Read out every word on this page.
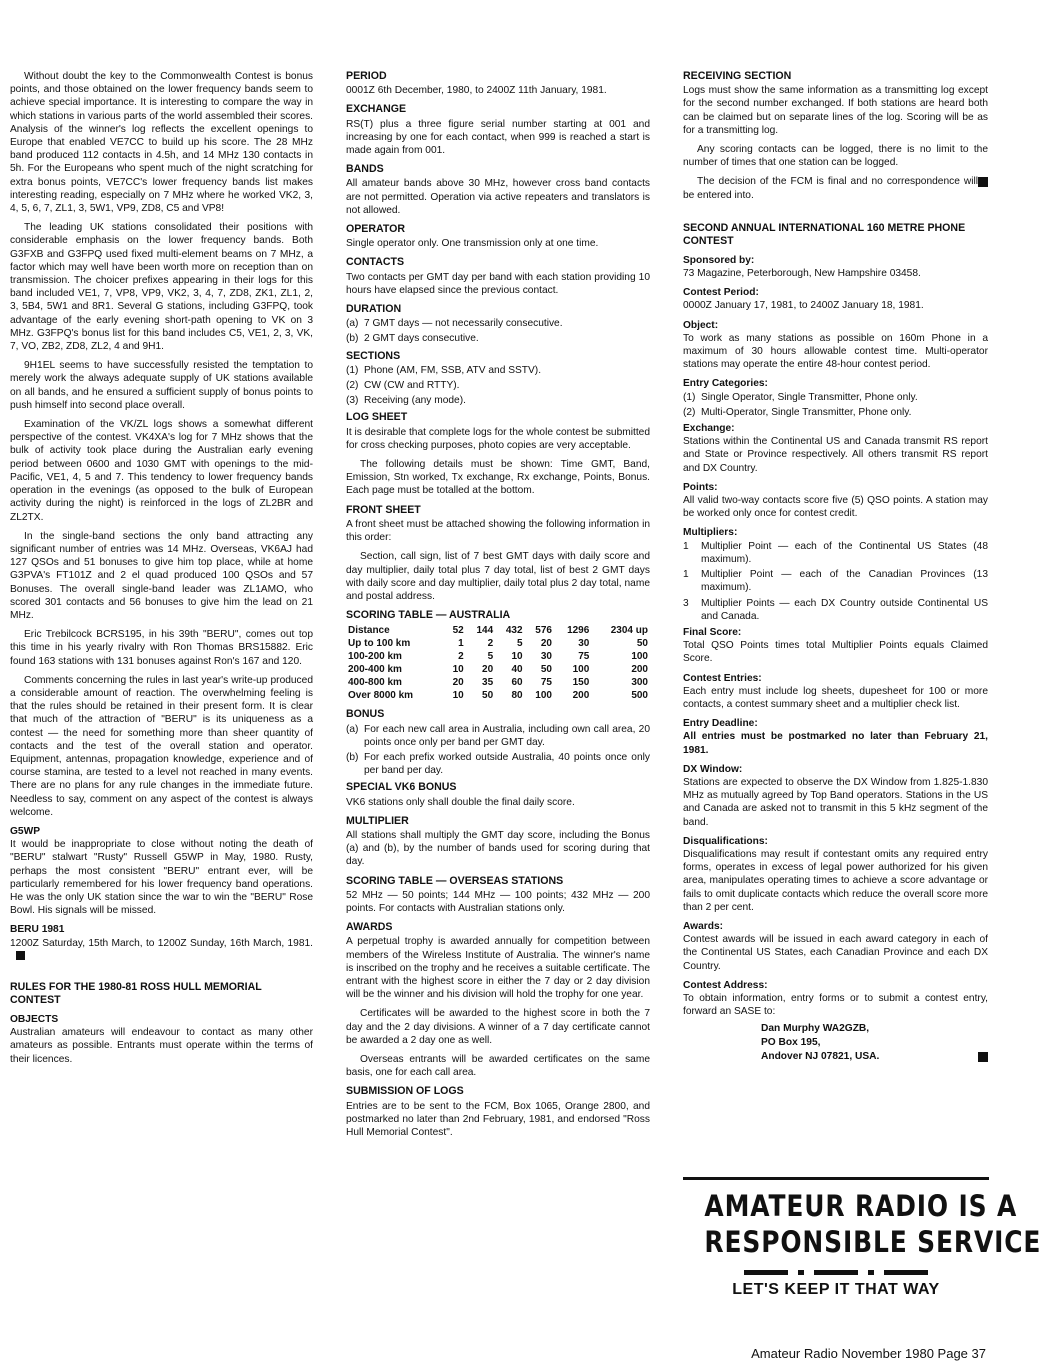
Without doubt the key to the Commonwealth Contest is bonus points, and those obtained on the lower frequency bands seem to achieve special importance. It is interesting to compare the way in which stations in various parts of the world assembled their scores. Analysis of the winner's log reflects the excellent openings to Europe that enabled VE7CC to build up his score. The 28 MHz band produced 112 contacts in 4.5h, and 14 MHz 130 contacts in 5h. For the Europeans who spent much of the night scratching for extra bonus points, VE7CC's lower frequency bands list makes interesting reading, especially on 7 MHz where he worked VK2, 3, 4, 5, 6, 7, ZL1, 3, 5W1, VP9, ZD8, C5 and VP8!

The leading UK stations consolidated their positions with considerable emphasis on the lower frequency bands. Both G3FXB and G3FPQ used fixed multi-element beams on 7 MHz, a factor which may well have been worth more on reception than on transmission. The choicer prefixes appearing in their logs for this band included VE1, 7, VP8, VP9, VK2, 3, 4, 7, ZD8, ZK1, ZL1, 2, 3, 5B4, 5W1 and 8R1. Several G stations, including G3FPQ, took advantage of the early evening short-path opening to VK on 3 MHz. G3FPQ's bonus list for this band includes C5, VE1, 2, 3, VK, 7, VO, ZB2, ZD8, ZL2, 4 and 9H1.

9H1EL seems to have successfully resisted the temptation to merely work the always adequate supply of UK stations available on all bands, and he ensured a sufficient supply of bonus points to push himself into second place overall.

Examination of the VK/ZL logs shows a somewhat different perspective of the contest. VK4XA's log for 7 MHz shows that the bulk of activity took place during the Australian early evening period between 0600 and 1030 GMT with openings to the mid-Pacific, VE1, 4, 5 and 7. This tendency to lower frequency bands operation in the evenings (as opposed to the bulk of European activity during the night) is reinforced in the logs of ZL2BR and ZL2TX.

In the single-band sections the only band attracting any significant number of entries was 14 MHz. Overseas, VK6AJ had 127 QSOs and 51 bonuses to give him top place, while at home G3PVA's FT101Z and 2 el quad produced 100 QSOs and 57 Bonuses. The overall single-band leader was ZL1AMO, who scored 301 contacts and 56 bonuses to give him the lead on 21 MHz.

Eric Trebilcock BCRS195, in his 39th "BERU", comes out top this time in his yearly rivalry with Ron Thomas BRS15882. Eric found 163 stations with 131 bonuses against Ron's 167 and 120.

Comments concerning the rules in last year's write-up produced a considerable amount of reaction. The overwhelming feeling is that the rules should be retained in their present form. It is clear that much of the attraction of "BERU" is its uniqueness as a contest — the need for something more than sheer quantity of contacts and the test of the overall station and operator. Equipment, antennas, propagation knowledge, experience and of course stamina, are tested to a level not reached in many events. There are no plans for any rule changes in the immediate future. Needless to say, comment on any aspect of the contest is always welcome.

G5WP

It would be inappropriate to close without noting the death of "BERU" stalwart "Rusty" Russell G5WP in May, 1980. Rusty, perhaps the most consistent "BERU" entrant ever, will be particularly remembered for his lower frequency band operations. He was the only UK station since the war to win the "BERU" Rose Bowl. His signals will be missed.

BERU 1981

1200Z Saturday, 15th March, to 1200Z Sunday, 16th March, 1981.

RULES FOR THE 1980-81 ROSS HULL MEMORIAL CONTEST
OBJECTS

Australian amateurs will endeavour to contact as many other amateurs as possible. Entrants must operate within the terms of their licences.

PERIOD

0001Z 6th December, 1980, to 2400Z 11th January, 1981.

EXCHANGE

RS(T) plus a three figure serial number starting at 001 and increasing by one for each contact, when 999 is reached a start is made again from 001.

BANDS

All amateur bands above 30 MHz, however cross band contacts are not permitted. Operation via active repeaters and translators is not allowed.

OPERATOR

Single operator only. One transmission only at one time.

CONTACTS

Two contacts per GMT day per band with each station providing 10 hours have elapsed since the previous contact.

DURATION
(a) 7 GMT days — not necessarily consecutive.
(b) 2 GMT days consecutive.
SECTIONS
(1) Phone (AM, FM, SSB, ATV and SSTV).
(2) CW (CW and RTTY).
(3) Receiving (any mode).
LOG SHEET

It is desirable that complete logs for the whole contest be submitted for cross checking purposes, photo copies are very acceptable.

The following details must be shown: Time GMT, Band, Emission, Stn worked, Tx exchange, Rx exchange, Points, Bonus. Each page must be totalled at the bottom.

FRONT SHEET

A front sheet must be attached showing the following information in this order:

Section, call sign, list of 7 best GMT days with daily score and day multiplier, daily total plus 7 day total, list of best 2 GMT days with daily score and day multiplier, daily total plus 2 day total, name and postal address.

SCORING TABLE — AUSTRALIA
Distance	52	144	432	576	1296	2304 up
Up to 100 km	1	2	5	20	30	50
100-200 km	2	5	10	30	75	100
200-400 km	10	20	40	50	100	200
400-800 km	20	35	60	75	150	300
Over 8000 km	10	50	80	100	200	500
BONUS
(a) For each new call area in Australia, including own call area, 20 points once only per band per GMT day.
(b) For each prefix worked outside Australia, 40 points once only per band per day.
SPECIAL VK6 BONUS

VK6 stations only shall double the final daily score.

MULTIPLIER

All stations shall multiply the GMT day score, including the Bonus (a) and (b), by the number of bands used for scoring during that day.

SCORING TABLE — OVERSEAS STATIONS

52 MHz — 50 points; 144 MHz — 100 points; 432 MHz — 200 points. For contacts with Australian stations only.

AWARDS

A perpetual trophy is awarded annually for competition between members of the Wireless Institute of Australia. The winner's name is inscribed on the trophy and he receives a suitable certificate. The entrant with the highest score in either the 7 day or 2 day division will be the winner and his division will hold the trophy for one year.

Certificates will be awarded to the highest score in both the 7 day and the 2 day divisions. A winner of a 7 day certificate cannot be awarded a 2 day one as well.

Overseas entrants will be awarded certificates on the same basis, one for each call area.

SUBMISSION OF LOGS

Entries are to be sent to the FCM, Box 1065, Orange 2800, and postmarked no later than 2nd February, 1981, and endorsed "Ross Hull Memorial Contest".

RECEIVING SECTION

Logs must show the same information as a transmitting log except for the second number exchanged. If both stations are heard both can be claimed but on separate lines of the log. Scoring will be as for a transmitting log.

Any scoring contacts can be logged, there is no limit to the number of times that one station can be logged.

The decision of the FCM is final and no correspondence will be entered into.

SECOND ANNUAL INTERNATIONAL 160 METRE PHONE CONTEST
Sponsored by:

73 Magazine, Peterborough, New Hampshire 03458.

Contest Period:

0000Z January 17, 1981, to 2400Z January 18, 1981.

Object:

To work as many stations as possible on 160m Phone in a maximum of 30 hours allowable contest time. Multi-operator stations may operate the entire 48-hour contest period.

Entry Categories:
(1) Single Operator, Single Transmitter, Phone only.
(2) Multi-Operator, Single Transmitter, Phone only.
Exchange:

Stations within the Continental US and Canada transmit RS report and State or Province respectively. All others transmit RS report and DX Country.

Points:

All valid two-way contacts score five (5) QSO points. A station may be worked only once for contest credit.

Multipliers:
1	Multiplier Point — each of the Continental US States (48 maximum).
1	Multiplier Point — each of the Canadian Provinces (13 maximum).
3	Multiplier Points — each DX Country outside Continental US and Canada.
Final Score:

Total QSO Points times total Multiplier Points equals Claimed Score.

Contest Entries:

Each entry must include log sheets, dupesheet for 100 or more contacts, a contest summary sheet and a multiplier check list.

Entry Deadline:

All entries must be postmarked no later than February 21, 1981.

DX Window:

Stations are expected to observe the DX Window from 1.825-1.830 MHz as mutually agreed by Top Band operators. Stations in the US and Canada are asked not to transmit in this 5 kHz segment of the band.

Disqualifications:

Disqualifications may result if contestant omits any required entry forms, operates in excess of legal power authorized for his given area, manipulates operating times to achieve a score advantage or fails to omit duplicate contacts which reduce the overall score more than 2 per cent.

Awards:

Contest awards will be issued in each award category in each of the Continental US States, each Canadian Province and each DX Country.

Contest Address:

To obtain information, entry forms or to submit a contest entry, forward an SASE to:

Dan Murphy WA2GZB,
PO Box 195,
Andover NJ 07821, USA.
AMATEUR RADIO IS A
RESPONSIBLE SERVICE
LET'S KEEP IT THAT WAY
Amateur Radio November 1980 Page 37
